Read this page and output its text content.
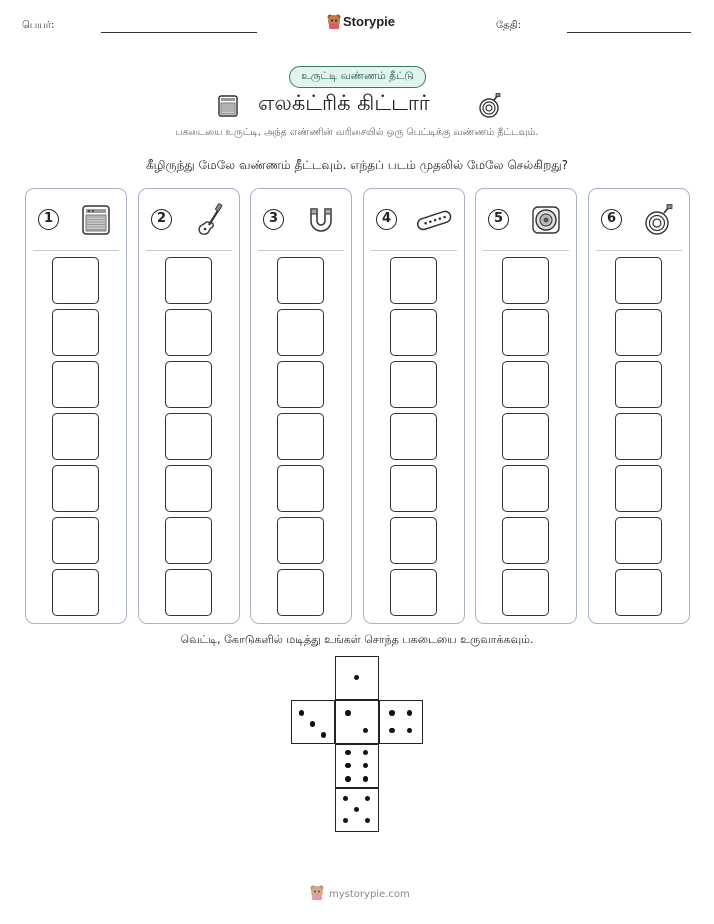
பெயர்:	Storypie	தேதி:
உருட்டி வண்ணம் தீட்டு
எலக்ட்ரிக் கிட்டார்
பகடையை உருட்டி, அந்த எண்ணின் வரிசையில் ஒரு பெட்டிக்கு வண்ணம் தீட்டவும்.
கீழிருந்து மேலே வண்ணம் தீட்டவும். எந்தப் படம் முதலில் மேலே செல்கிறது?
1	2	3	4	5	6
வெட்டி, கோடுகளில் மடித்து உங்கள் சொந்த பகடையை உருவாக்கவும்.
mystorypie.com
